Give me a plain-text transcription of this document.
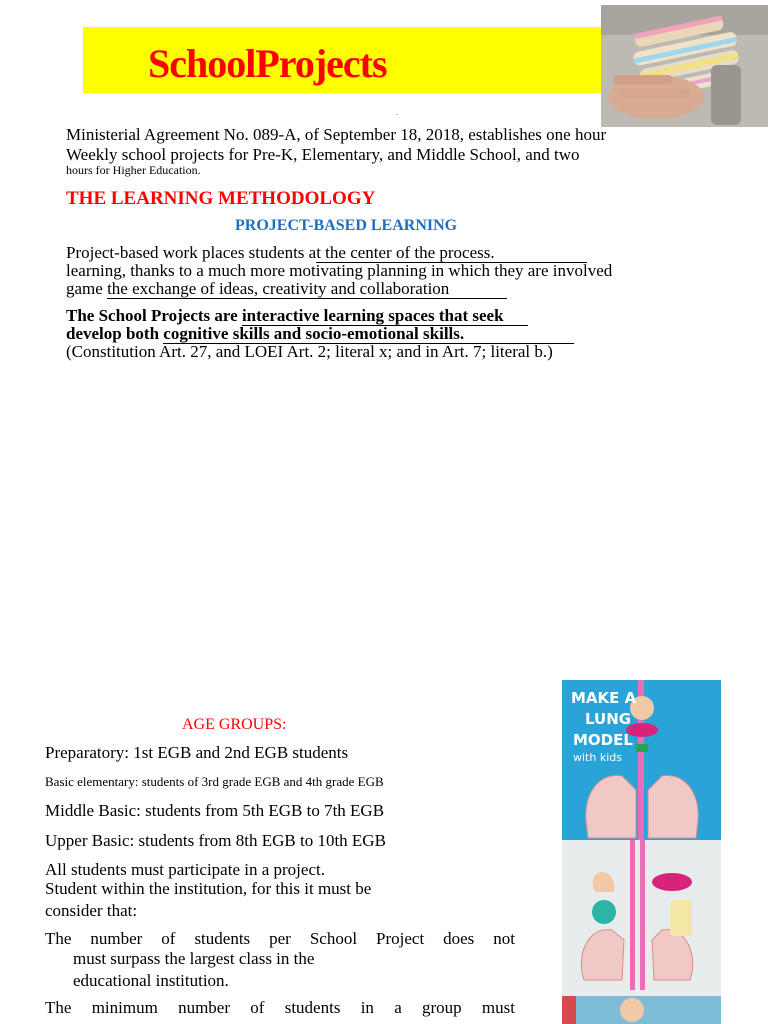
SchoolProjects
.
Ministerial Agreement No. 089-A, of September 18, 2018, establishes one hour
Weekly school projects for Pre-K, Elementary, and Middle School, and two
hours for Higher Education.
THE LEARNING METHODOLOGY
PROJECT-BASED LEARNING
Project-based work places students at the center of the process.
learning, thanks to a much more motivating planning in which they are involved
game the exchange of ideas, creativity and collaboration
The School Projects are interactive learning spaces that seek
develop both cognitive skills and socio-emotional skills.
(Constitution Art. 27, and LOEI Art. 2; literal x; and in Art. 7; literal b.)
AGE GROUPS:
Preparatory: 1st EGB and 2nd EGB students
Basic elementary: students of 3rd grade EGB and 4th grade EGB
Middle Basic: students from 5th EGB to 7th EGB
Upper Basic: students from 8th EGB to 10th EGB
All students must participate in a project.
Student within the institution, for this it must be
consider that:
The number of students per School Project does not
must surpass the largest class in the
educational institution.
The minimum number of students in a group must
MAKE A
LUNG
MODEL
with kids
